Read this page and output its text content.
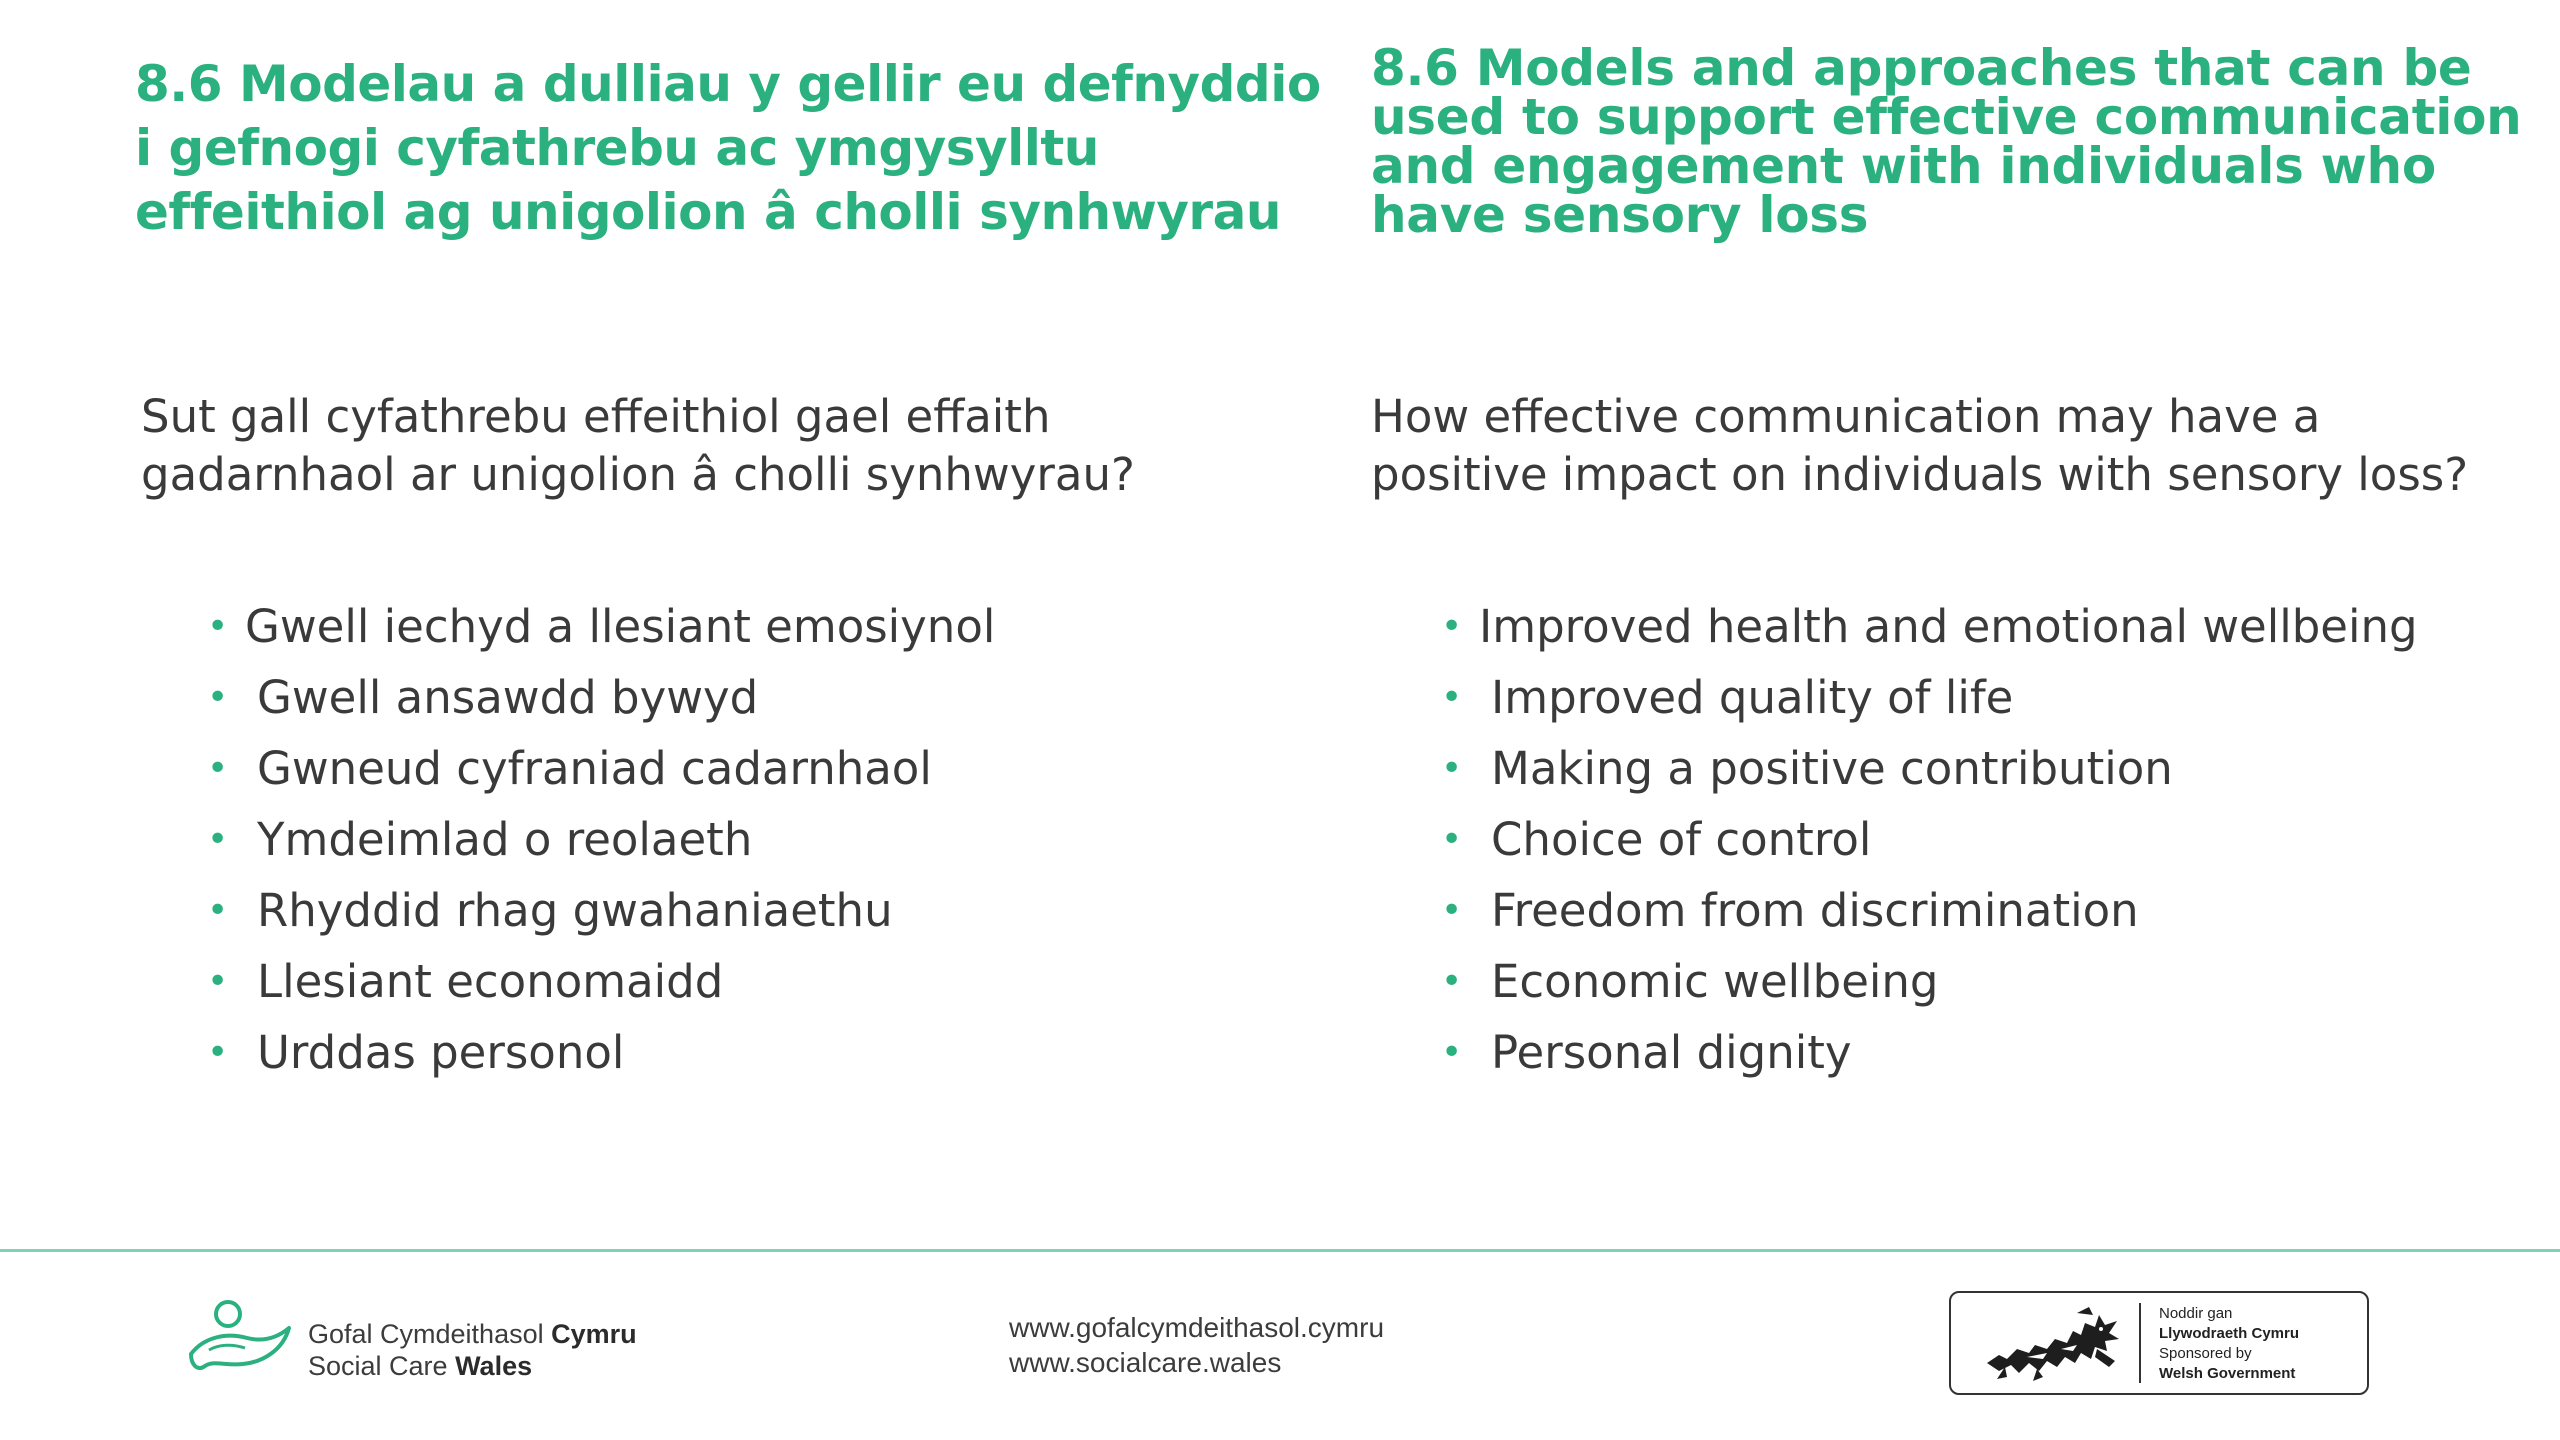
8.6 Modelau a dulliau y gellir eu defnyddio
i gefnogi cyfathrebu ac ymgysylltu
effeithiol ag unigolion â cholli synhwyrau

Sut gall cyfathrebu effeithiol gael effaith
gadarnhaol ar unigolion â cholli synhwyrau?

• Gwell iechyd a llesiant emosiynol
• Gwell ansawdd bywyd
• Gwneud cyfraniad cadarnhaol
• Ymdeimlad o reolaeth
• Rhyddid rhag gwahaniaethu
• Llesiant economaidd
• Urddas personol
8.6 Models and approaches that can be
used to support effective communication
and engagement with individuals who
have sensory loss

How effective communication may have a
positive impact on individuals with sensory loss?

• Improved health and emotional wellbeing
• Improved quality of life
• Making a positive contribution
• Choice of control
• Freedom from discrimination
• Economic wellbeing
• Personal dignity
Gofal Cymdeithasol Cymru
Social Care Wales
www.gofalcymdeithasol.cymru
www.socialcare.wales
Noddir gan
Llywodraeth Cymru
Sponsored by
Welsh Government
